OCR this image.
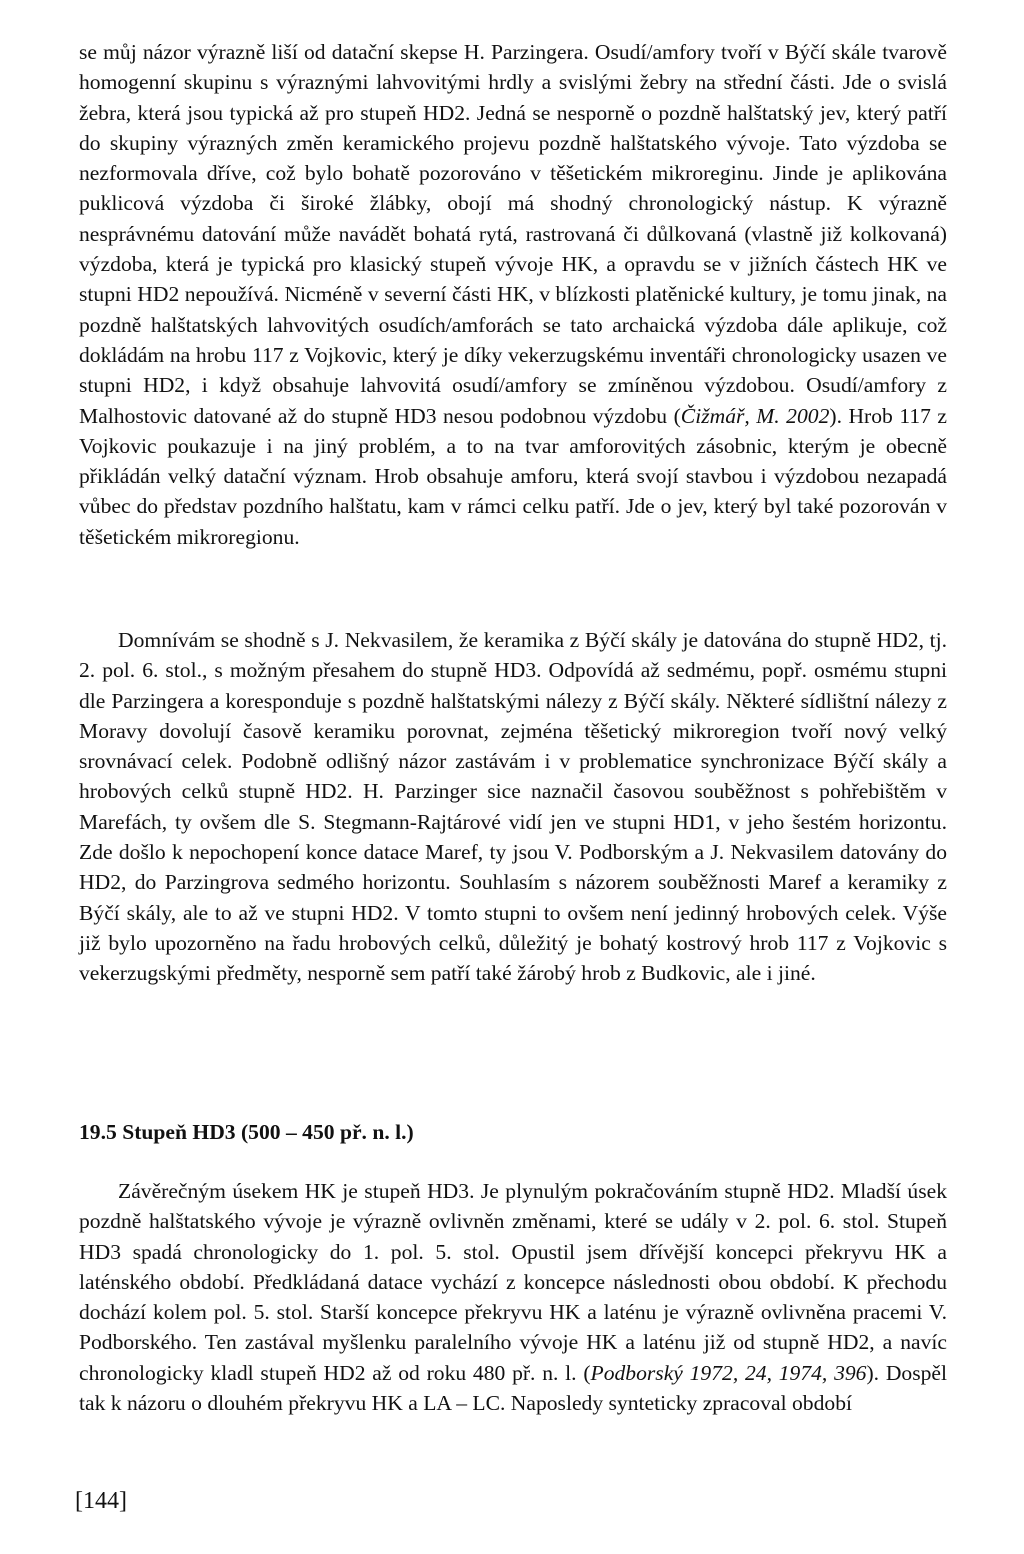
se můj názor výrazně liší od datační skepse H. Parzingera. Osudí/amfory tvoří v Býčí skále tvarově homogenní skupinu s výraznými lahvovitými hrdly a svislými žebry na střední části. Jde o svislá žebra, která jsou typická až pro stupeň HD2. Jedná se nesporně o pozdně halštatský jev, který patří do skupiny výrazných změn keramického projevu pozdně halštatského vývoje. Tato výzdoba se nezformovala dříve, což bylo bohatě pozorováno v těšetickém mikroreginu. Jinde je aplikována puklicová výzdoba či široké žlábky, obojí má shodný chronologický nástup. K výrazně nesprávnému datování může navádět bohatá rytá, rastrovaná či důlkovaná (vlastně již kolkovaná) výzdoba, která je typická pro klasický stupeň vývoje HK, a opravdu se v jižních částech HK ve stupni HD2 nepoužívá. Nicméně v severní části HK, v blízkosti platěnické kultury, je tomu jinak, na pozdně halštatských lahvovitých osudích/amforách se tato archaická výzdoba dále aplikuje, což dokládám na hrobu 117 z Vojkovic, který je díky vekerzugskému inventáři chronologicky usazen ve stupni HD2, i když obsahuje lahvovitá osudí/amfory se zmíněnou výzdobou. Osudí/amfory z Malhostovic datované až do stupně HD3 nesou podobnou výzdobu (Čižmář, M. 2002). Hrob 117 z Vojkovic poukazuje i na jiný problém, a to na tvar amforovitých zásobnic, kterým je obecně přikládán velký datační význam. Hrob obsahuje amforu, která svojí stavbou i výzdobou nezapadá vůbec do představ pozdního halštatu, kam v rámci celku patří. Jde o jev, který byl také pozorován v těšetickém mikroregionu.

Domnívám se shodně s J. Nekvasilem, že keramika z Býčí skály je datována do stupně HD2, tj. 2. pol. 6. stol., s možným přesahem do stupně HD3. Odpovídá až sedmému, popř. osmému stupni dle Parzingera a koresponduje s pozdně halštatskými nálezy z Býčí skály. Některé sídlištní nálezy z Moravy dovolují časově keramiku porovnat, zejména těšetický mikroregion tvoří nový velký srovnávací celek. Podobně odlišný názor zastávám i v problematice synchronizace Býčí skály a hrobových celků stupně HD2. H. Parzinger sice naznačil časovou souběžnost s pohřebištěm v Marefách, ty ovšem dle S. Stegmann-Rajtárové vidí jen ve stupni HD1, v jeho šestém horizontu. Zde došlo k nepochopení konce datace Maref, ty jsou V. Podborským a J. Nekvasilem datovány do HD2, do Parzingrova sedmého horizontu. Souhlasím s názorem souběžnosti Maref a keramiky z Býčí skály, ale to až ve stupni HD2. V tomto stupni to ovšem není jedinný hrobových celek. Výše již bylo upozorněno na řadu hrobových celků, důležitý je bohatý kostrový hrob 117 z Vojkovic s vekerzugskými předměty, nesporně sem patří také žárobý hrob z Budkovic, ale i jiné.

19.5 Stupeň HD3 (500 – 450 př. n. l.)

Závěrečným úsekem HK je stupeň HD3. Je plynulým pokračováním stupně HD2. Mladší úsek pozdně halštatského vývoje je výrazně ovlivněn změnami, které se udály v 2. pol. 6. stol. Stupeň HD3 spadá chronologicky do 1. pol. 5. stol. Opustil jsem dřívější koncepci překryvu HK a laténského období. Předkládaná datace vychází z koncepce následnosti obou období. K přechodu dochází kolem pol. 5. stol. Starší koncepce překryvu HK a laténu je výrazně ovlivněna pracemi V. Podborského. Ten zastával myšlenku paralelního vývoje HK a laténu již od stupně HD2, a navíc chronologicky kladl stupeň HD2 až od roku 480 př. n. l. (Podborský 1972, 24, 1974, 396). Dospěl tak k názoru o dlouhém překryvu HK a LA – LC. Naposledy synteticky zpracoval období

[144]
